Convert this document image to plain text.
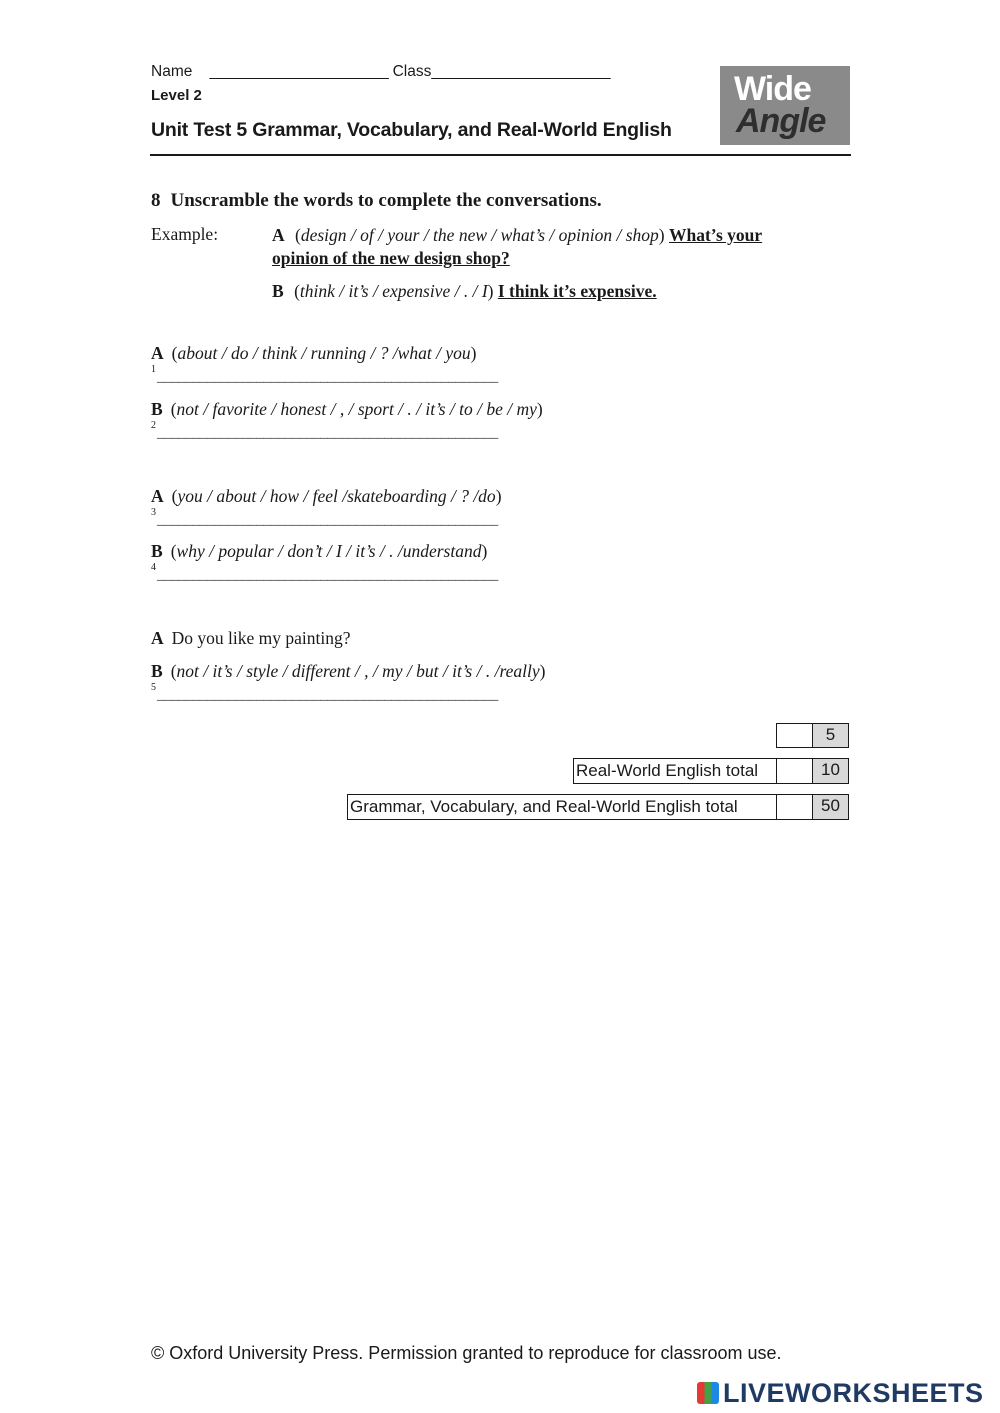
Name ______________________ Class______________________
Level 2
Unit Test 5 Grammar, Vocabulary, and Real-World English
Wide
Angle
8 Unscramble the words to complete the conversations.
Example:	A (design / of / your / the new / what’s / opinion / shop) What’s your opinion of the new design shop?
B (think / it’s / expensive / . / I) I think it’s expensive.
A (about / do / think / running / ? /what / you)
1 ________________________________________________
B (not / favorite / honest / , / sport / . / it’s / to / be / my)
2 ________________________________________________
A (you / about / how / feel /skateboarding / ? /do)
3 ________________________________________________
B (why / popular / don’t / I / it’s / . /understand)
4 ________________________________________________
A Do you like my painting?
B (not / it’s / style / different / , / my / but / it’s / . /really)
5 ________________________________________________
5
Real-World English total	10
Grammar, Vocabulary, and Real-World English total	50
© Oxford University Press. Permission granted to reproduce for classroom use.
LIVEWORKSHEETS
